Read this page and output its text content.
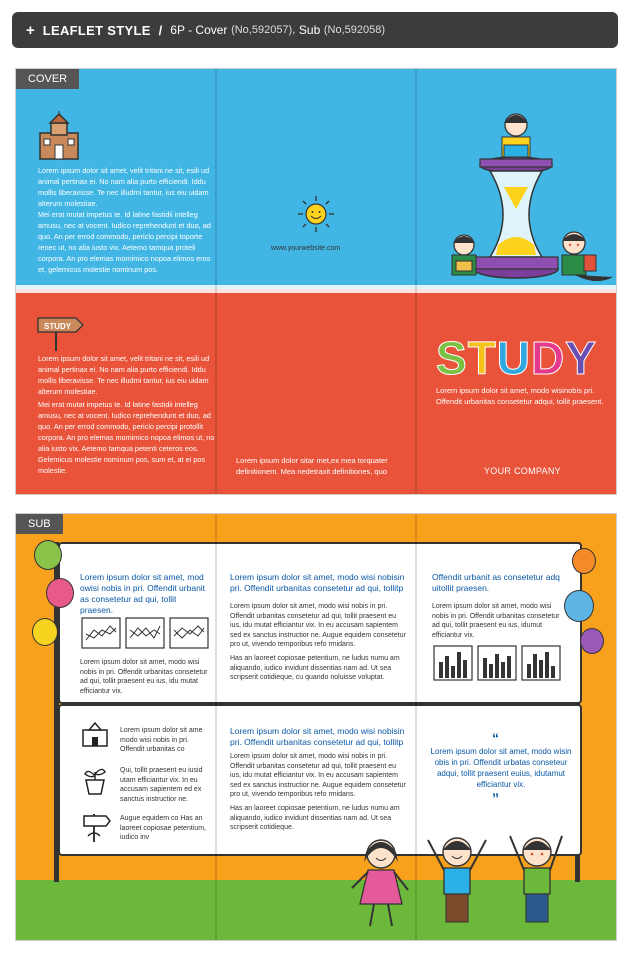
+ LEAFLET STYLE / 6P - Cover
(No,592057),
Sub
(No,592058)
COVER
Lorem ipsum dolor sit amet, velit tritani ne sit, esili ud animal pertinax ei. No nam alia purto efficiendi. Iddu mollis liberavisse. Te nec illudmi tantur, ius eiu uidam alterum molestiae.
Mei erat mutat impetus te. Id latine fastidii intelleg amusu, nec at vocent. Iudico reprehendunt et duo, ad quo. An per errod commodo, periclo percipi toporte renec ut, no alia iusto vix. Aetemo tamqua proteli corpora. An pro elemas momimico nopoa elimos eros et, gelemicus molestie nominum pos.
www.yourwebsite.com
STUDY
Lorem ipsum dolor sit amet, velit tritani ne sit, esili ud animal pertinax ei. No nam alia purto efficiendi. Iddu mollis liberavisse. Te nec illudmi tantur, ius eiu uidam alterum molestiae.
Mei erat mutat impetus te. Id latine fastidii intelleg amusu, nec at vocent. Iudico reprehendunt et duo, ad quo. An per errod commodo, periclo percipi protollit corpora. An pro elemas momimico nopoa elimos ut, no alia iusto vix. Aetemo tamqua petenti ceteros eos. Gelemicus molestie nominum pos, sum et, at ei pos molestie.
Lorem ipsum dolor sitar met,ex mea torquater definitionem. Mea nedetraxit definitiones, quo
STUDY
Lorem ipsum dolor sit amet, modo wisinobis pri. Offendit urbanitas consetetur adqui, tollit praesent.
YOUR COMPANY
SUB
Lorem ipsum dolor sit amet, mod owisi nobis in pri. Offendit urbanit as consetetur ad qui, tollit praesen.
Lorem ipsum dolor sit amet, modo wisi nobis in pri. Offendit urbanitas consetetur ad qui, tollit praesent eu ius, idu mutat efficiantur vix.
Lorem ipsum dolor sit ame modo wisi nobis in pri. Offendit urbanitas co
Qui, tollit praesent eu iusid utam efficiantur vix. In eu accusam sapientem ed ex sanctus instructior ne.
Augue equidem co Has an laoreet copiosae petentium, iudico inv
Lorem ipsum dolor sit amet, modo wisi nobisin pri. Offendit urbanitas consetetur ad qui, tollitp
Lorem ipsum dolor sit amet, modo wisi nobis in pri. Offendit urbanitas consetetur ad qui, tollit praesent eu ius, idu mutat efficiantur vix. In eu accusam sapientem sed ex sanctus instructior ne. Augue equidem consetetur pro ut, vivendo temporibus refo rmidans.
Has an laoreet copiosae petentium, ne ludus numu am aliquando, iudico invidunt dissentias nam ad. Ut sea scripserit cotidieque, cu quando noluisse voluptat.
Lorem ipsum dolor sit amet, modo wisi nobisin pri. Offendit urbanitas consetetur ad qui, tollitp
Lorem ipsum dolor sit amet, modo wisi nobis in pri. Offendit urbanitas consetetur ad qui, tollit praesent eu ius, idu mutat efficiantur vix. In eu accusam sapientem sed ex sanctus instructior ne. Augue equidem consetetur pro ut, vivendo temporibus refo rmidans.
Has an laoreet copiosae petentium, ne ludus numu am aliquando, iudico invidunt dissentias nam ad. Ut sea scripserit cotidieque.
Offendit urbanit as consetetur adq uitollit praesen.
Lorem ipsum dolor sit amet, modo wisi nobis in pri. Offendit urbanitas consetetur ad qui, tollit praesent eu ius, idumut efficiantur vix.
“
Lorem ipsum dolor sit amet, modo wisin obis in pri. Offendit urbatas conseteur adqui, tollit praesent euius, idutamut efficiantur vix.
”
